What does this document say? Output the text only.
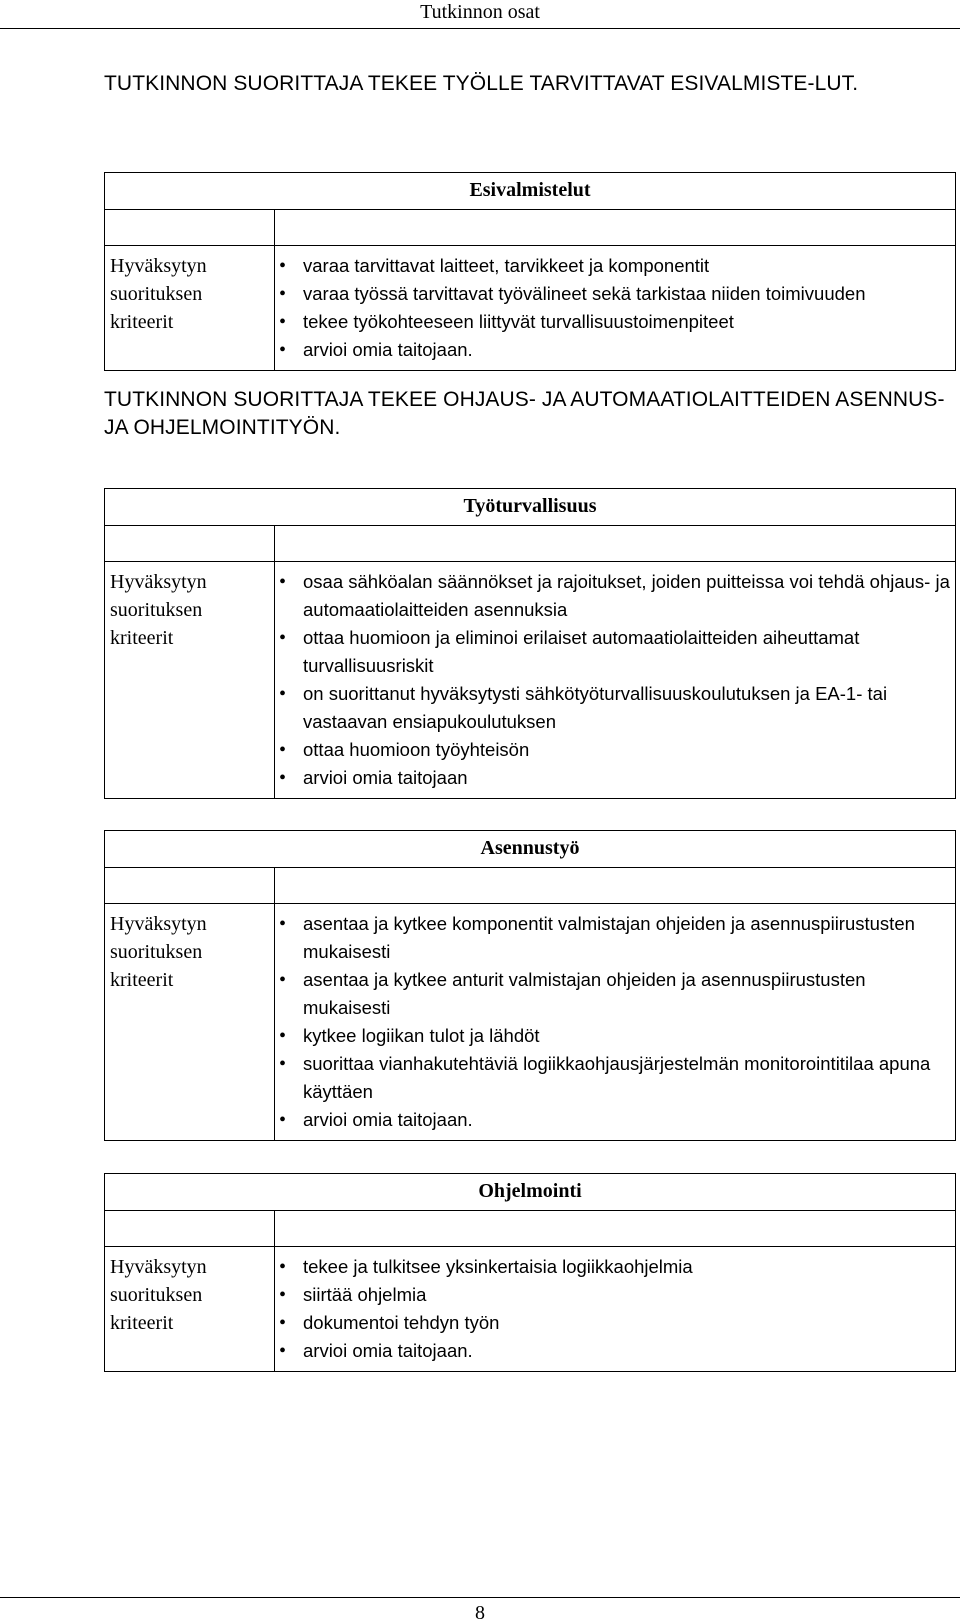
Tutkinnon osat
TUTKINNON SUORITTAJA TEKEE TYÖLLE TARVITTAVAT ESIVALMISTE-LUT.
Esivalmistelut
Hyväksytyn suorituksen kriteerit
• varaa tarvittavat laitteet, tarvikkeet ja komponentit
• varaa työssä tarvittavat työvälineet sekä tarkistaa niiden toimivuuden
• tekee työkohteeseen liittyvät turvallisuustoimenpiteet
• arvioi omia taitojaan.
TUTKINNON SUORITTAJA TEKEE OHJAUS- JA AUTOMAATIOLAITTEIDEN ASENNUS- JA OHJELMOINTITYÖN.
Työturvallisuus
Hyväksytyn suorituksen kriteerit
• osaa sähköalan säännökset ja rajoitukset, joiden puitteissa voi tehdä ohjaus- ja automaatiolaitteiden asennuksia
• ottaa huomioon ja eliminoi erilaiset automaatiolaitteiden aiheuttamat turvallisuusriskit
• on suorittanut hyväksytysti sähkötyöturvallisuuskoulutuksen ja EA-1- tai vastaavan ensiapukoulutuksen
• ottaa huomioon työyhteisön
• arvioi omia taitojaan
Asennustyö
Hyväksytyn suorituksen kriteerit
• asentaa ja kytkee komponentit valmistajan ohjeiden ja asennuspiirustusten mukaisesti
• asentaa ja kytkee anturit valmistajan ohjeiden ja asennuspiirustusten mukaisesti
• kytkee logiikan tulot ja lähdöt
• suorittaa vianhakutehtäviä logiikkaohjausjärjestelmän monitorointitilaa apuna käyttäen
• arvioi omia taitojaan.
Ohjelmointi
Hyväksytyn suorituksen kriteerit
• tekee ja tulkitsee yksinkertaisia logiikkaohjelmia
• siirtää ohjelmia
• dokumentoi tehdyn työn
• arvioi omia taitojaan.
8
